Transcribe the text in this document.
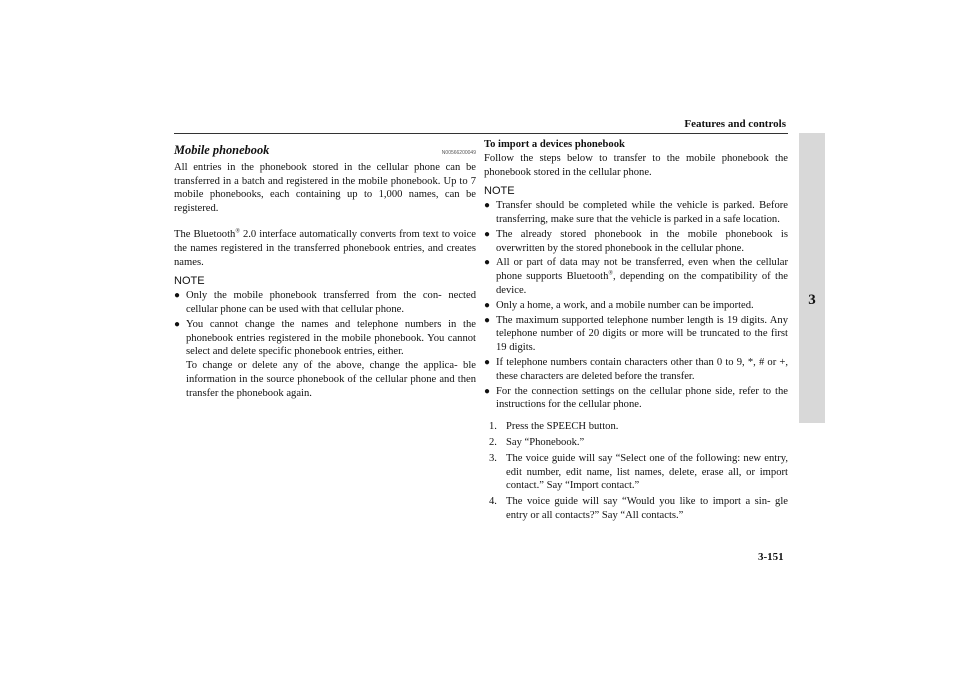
Features and controls
3
Mobile phonebook	N00566200049

All entries in the phonebook stored in the cellular phone can be transferred in a batch and registered in the mobile phonebook. Up to 7 mobile phonebooks, each containing up to 1,000 names, can be registered.

The Bluetooth® 2.0 interface automatically converts from text to voice the names registered in the transferred phonebook entries, and creates names.

NOTE
● Only the mobile phonebook transferred from the con- nected cellular phone can be used with that cellular phone.
● You cannot change the names and telephone numbers in the phonebook entries registered in the mobile phonebook. You cannot select and delete specific phonebook entries, either.
To change or delete any of the above, change the applica- ble information in the source phonebook of the cellular phone and then transfer the phonebook again.
To import a devices phonebook

Follow the steps below to transfer to the mobile phonebook the phonebook stored in the cellular phone.

NOTE
● Transfer should be completed while the vehicle is parked. Before transferring, make sure that the vehicle is parked in a safe location.
● The already stored phonebook in the mobile phonebook is overwritten by the stored phonebook in the cellular phone.
● All or part of data may not be transferred, even when the cellular phone supports Bluetooth®, depending on the compatibility of the device.
● Only a home, a work, and a mobile number can be imported.
● The maximum supported telephone number length is 19 digits. Any telephone number of 20 digits or more will be truncated to the first 19 digits.
● If telephone numbers contain characters other than 0 to 9, *, # or +, these characters are deleted before the transfer.
● For the connection settings on the cellular phone side, refer to the instructions for the cellular phone.
1. Press the SPEECH button.
2. Say “Phonebook.”
3. The voice guide will say “Select one of the following: new entry, edit number, edit name, list names, delete, erase all, or import contact.” Say “Import contact.”
4. The voice guide will say “Would you like to import a sin- gle entry or all contacts?” Say “All contacts.”
3-151
